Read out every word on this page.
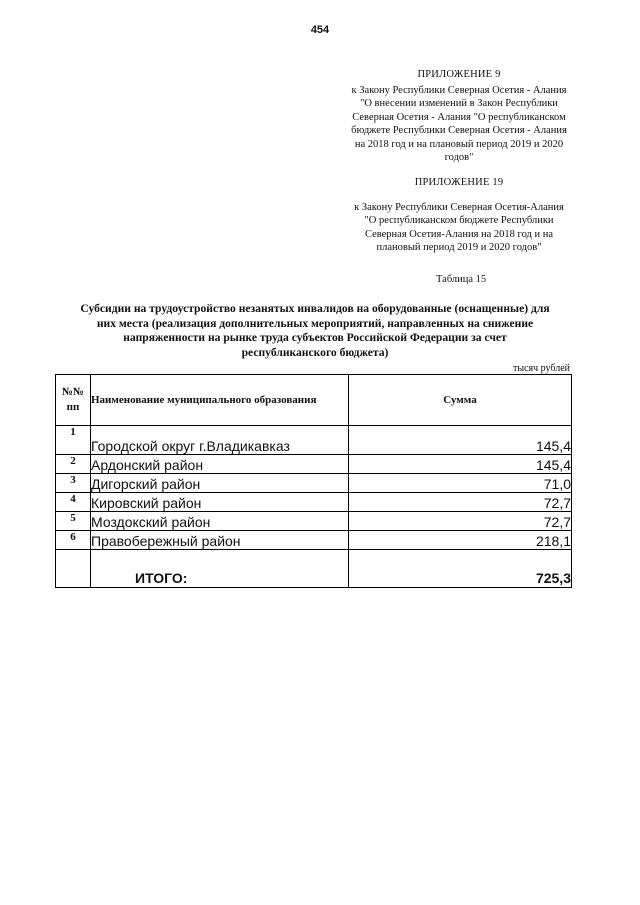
454
ПРИЛОЖЕНИЕ 9
к Закону Республики Северная Осетия - Алания
"О внесении изменений в Закон Республики
Северная Осетия - Алания "О республиканском
бюджете Республики Северная Осетия - Алания
на 2018 год и на плановый период 2019 и 2020
годов"
ПРИЛОЖЕНИЕ 19
к Закону Республики Северная Осетия-Алания
"О республиканском бюджете Республики
Северная Осетия-Алания на 2018 год и на
плановый период 2019 и 2020 годов"
Таблица 15
Субсидии на трудоустройство незанятых инвалидов на оборудованные (оснащенные) для
них места (реализация дополнительных мероприятий, направленных на снижение
напряженности на рынке труда субъектов Российской Федерации за счет
республиканского бюджета)
тысяч рублей
№№
пп	Наименование муниципального образования	Сумма
1	Городской округ г.Владикавказ	145,4
2	Ардонский район	145,4
3	Дигорский район	71,0
4	Кировский район	72,7
5	Моздокский район	72,7
6	Правобережный район	218,1
	ИТОГО:	725,3
